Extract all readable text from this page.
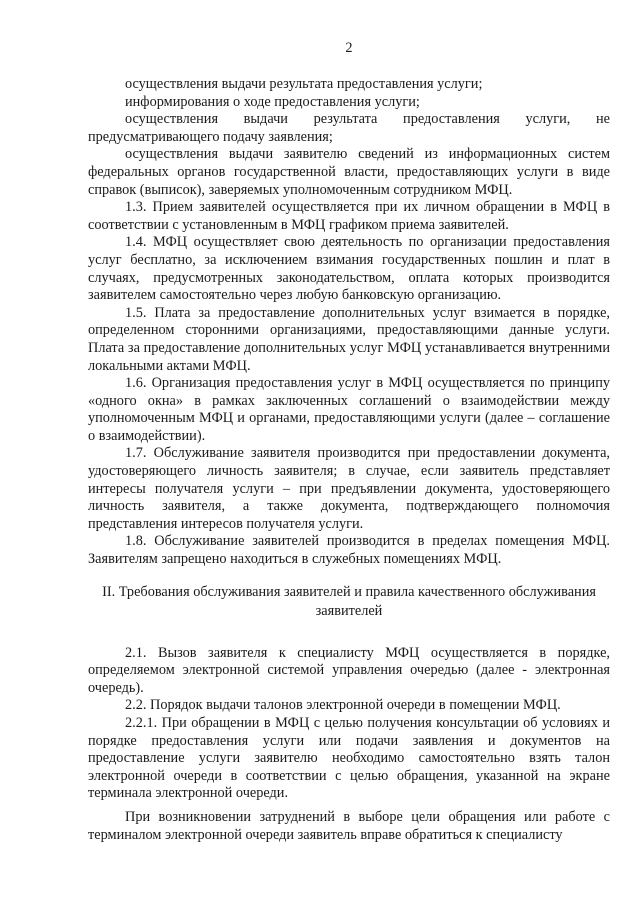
2

осуществления выдачи результата предоставления услуги;

информирования о ходе предоставления услуги;

осуществления выдачи результата предоставления услуги, не предусматривающего подачу заявления;

осуществления выдачи заявителю сведений из информационных систем федеральных органов государственной власти, предоставляющих услуги в виде справок (выписок), заверяемых уполномоченным сотрудником МФЦ.

1.3. Прием заявителей осуществляется при их личном обращении в МФЦ в соответствии с установленным в МФЦ графиком приема заявителей.

1.4. МФЦ осуществляет свою деятельность по организации предоставления услуг бесплатно, за исключением взимания государственных пошлин и плат в случаях, предусмотренных законодательством, оплата которых производится заявителем самостоятельно через любую банковскую организацию.

1.5. Плата за предоставление дополнительных услуг взимается в порядке, определенном сторонними организациями, предоставляющими данные услуги. Плата за предоставление дополнительных услуг МФЦ устанавливается внутренними локальными актами МФЦ.

1.6. Организация предоставления услуг в МФЦ осуществляется по принципу «одного окна» в рамках заключенных соглашений о взаимодействии между уполномоченным МФЦ и органами, предоставляющими услуги (далее – соглашение о взаимодействии).

1.7. Обслуживание заявителя производится при предоставлении документа, удостоверяющего личность заявителя; в случае, если заявитель представляет интересы получателя услуги – при предъявлении документа, удостоверяющего личность заявителя, а также документа, подтверждающего полномочия представления интересов получателя услуги.

1.8. Обслуживание заявителей производится в пределах помещения МФЦ. Заявителям запрещено находиться в служебных помещениях МФЦ.

II. Требования обслуживания заявителей и правила качественного обслуживания заявителей

2.1. Вызов заявителя к специалисту МФЦ осуществляется в порядке, определяемом электронной системой управления очередью (далее - электронная очередь).

2.2. Порядок выдачи талонов электронной очереди в помещении МФЦ.

2.2.1. При обращении в МФЦ с целью получения консультации об условиях и порядке предоставления услуги или подачи заявления и документов на предоставление услуги заявителю необходимо самостоятельно взять талон электронной очереди в соответствии с целью обращения, указанной на экране терминала электронной очереди.

При возникновении затруднений в выборе цели обращения или работе с терминалом электронной очереди заявитель вправе обратиться к специалисту
